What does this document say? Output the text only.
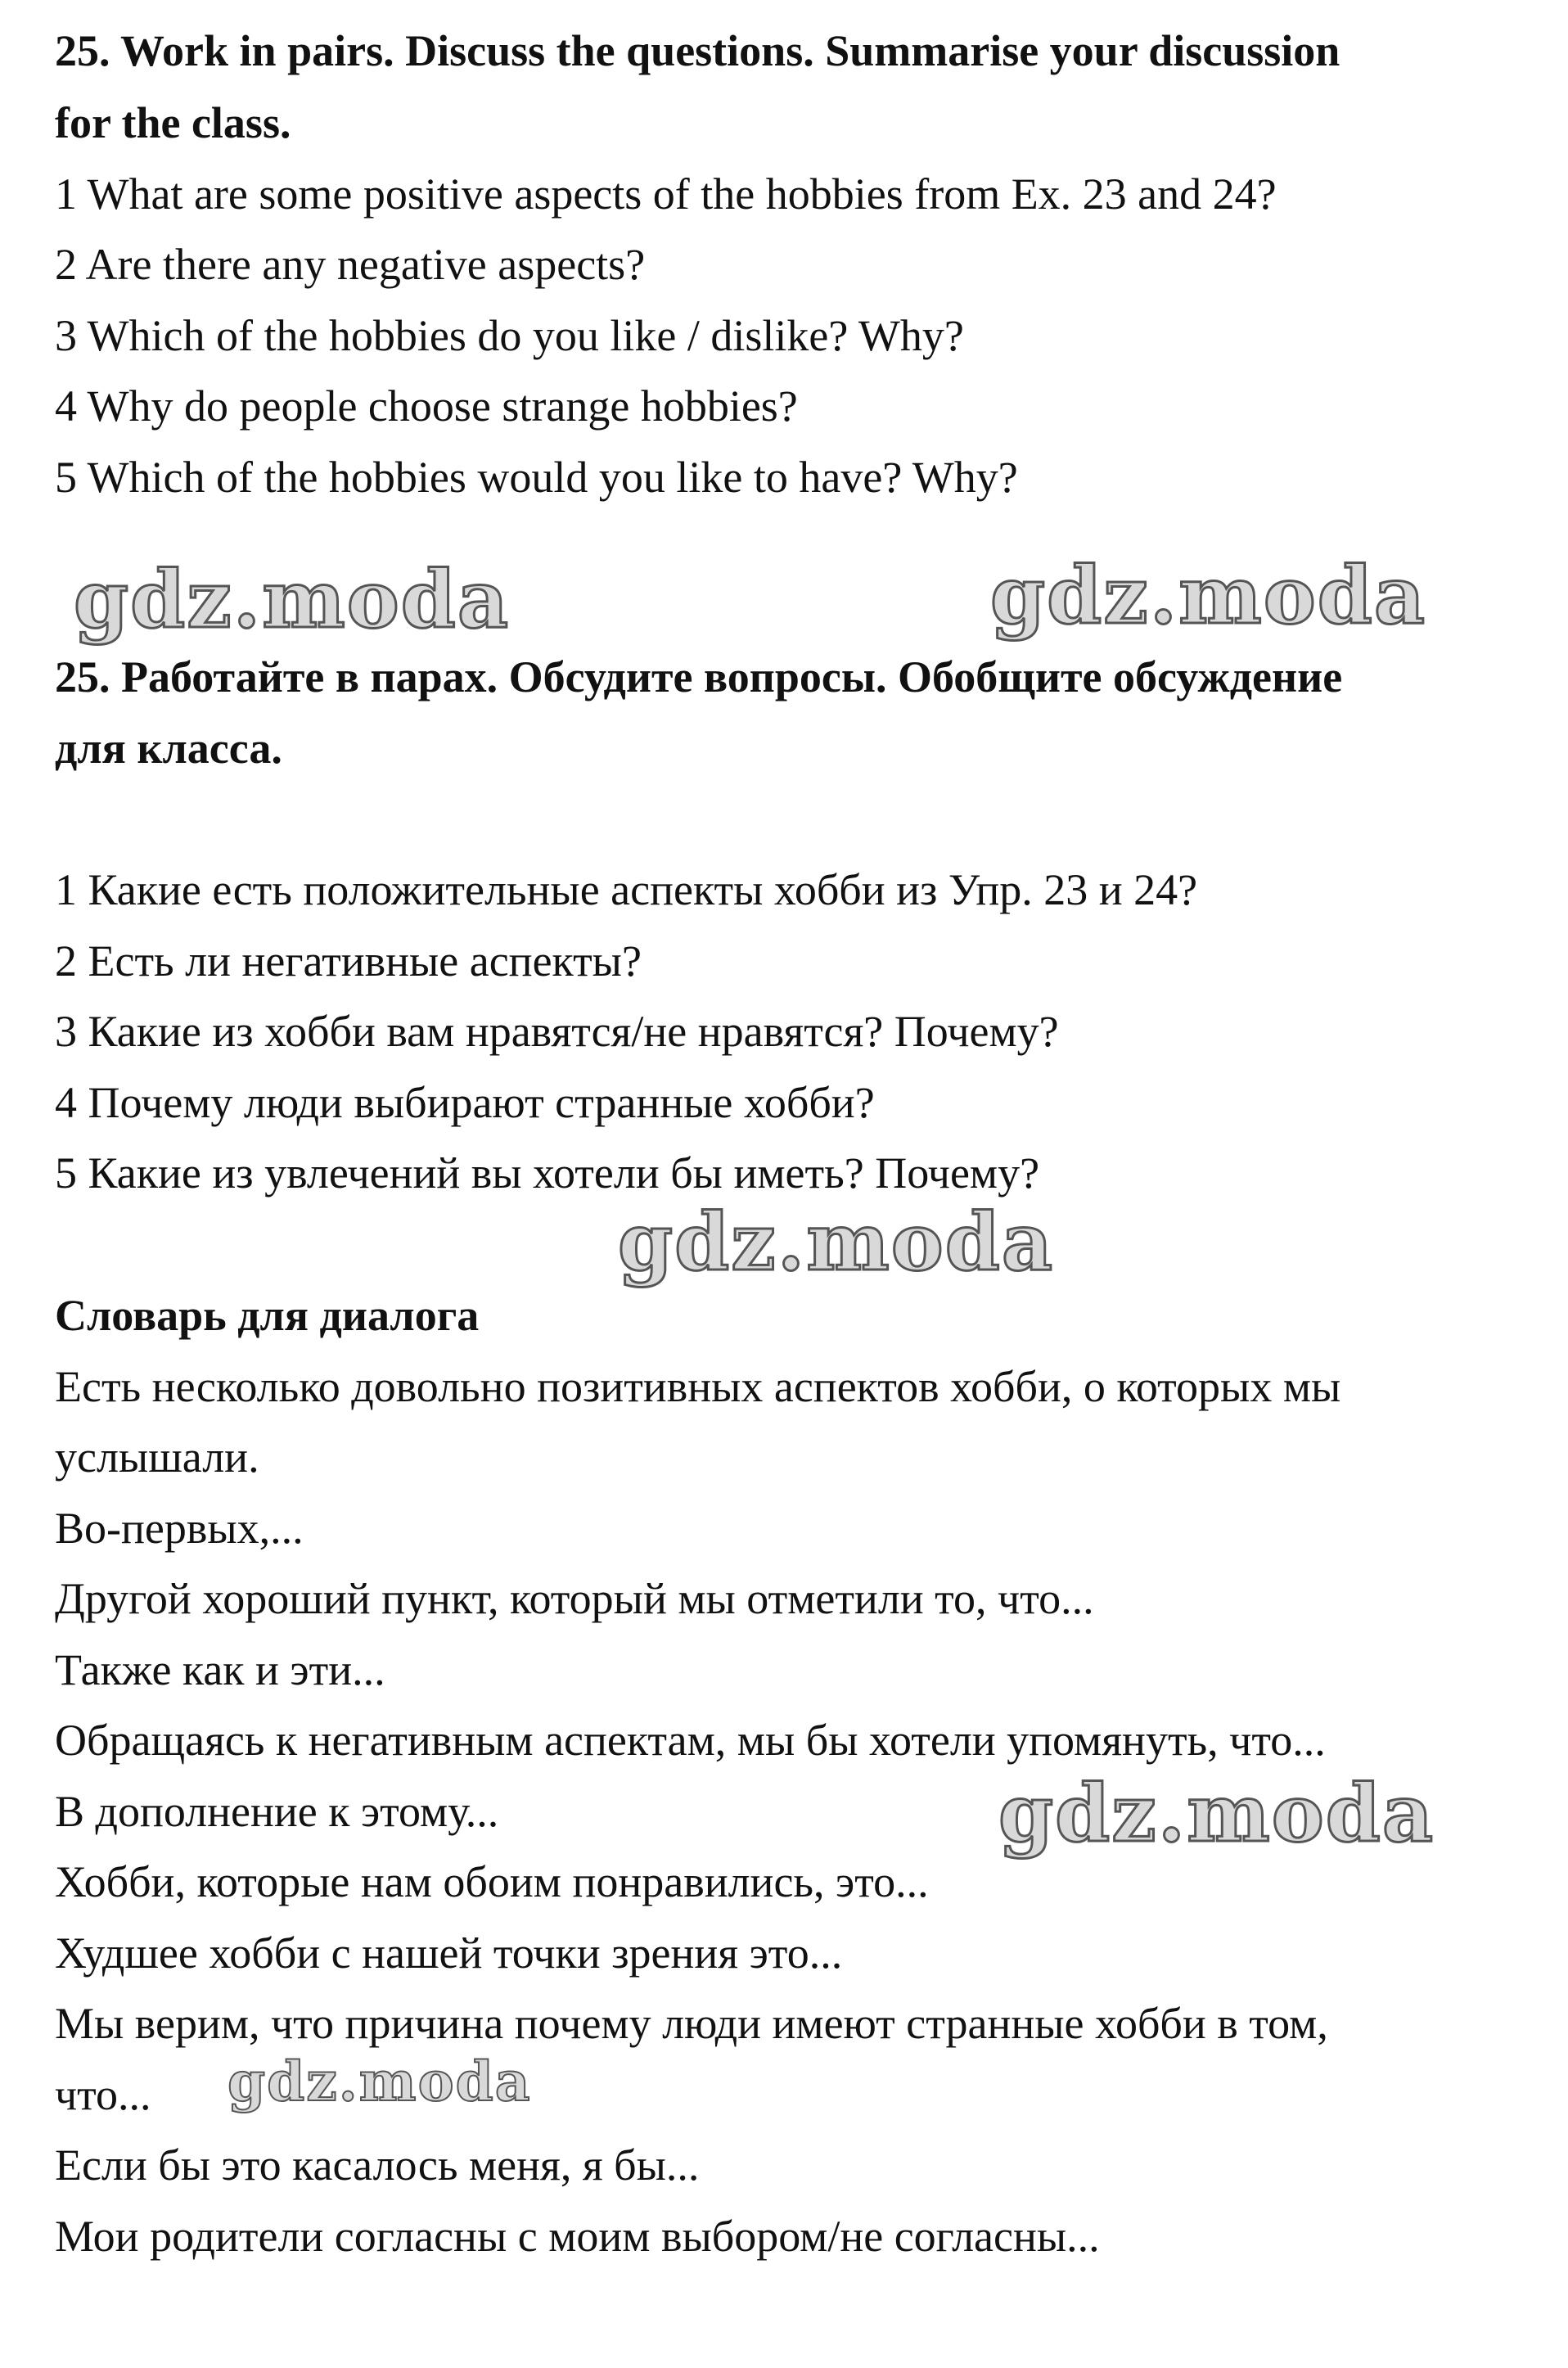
25. Work in pairs. Discuss the questions. Summarise your discussion
for the class.
1 What are some positive aspects of the hobbies from Ex. 23 and 24?
2 Are there any negative aspects?
3 Which of the hobbies do you like / dislike? Why?
4 Why do people choose strange hobbies?
5 Which of the hobbies would you like to have? Why?
gdz.moda	gdz.moda
25. Работайте в парах. Обсудите вопросы. Обобщите обсуждение
для класса.
1 Какие есть положительные аспекты хобби из Упр. 23 и 24?
2 Есть ли негативные аспекты?
3 Какие из хобби вам нравятся/не нравятся? Почему?
4 Почему люди выбирают странные хобби?
5 Какие из увлечений вы хотели бы иметь? Почему?
gdz.moda
Словарь для диалога
Есть несколько довольно позитивных аспектов хобби, о которых мы
услышали.
Во-первых,...
Другой хороший пункт, который мы отметили то, что...
Также как и эти...
Обращаясь к негативным аспектам, мы бы хотели упомянуть, что...
В дополнение к этому...	gdz.moda
Хобби, которые нам обоим понравились, это...
Худшее хобби с нашей точки зрения это...
Мы верим, что причина почему люди имеют странные хобби в том,
что... gdz.moda
Если бы это касалось меня, я бы...
Мои родители согласны с моим выбором/не согласны...
